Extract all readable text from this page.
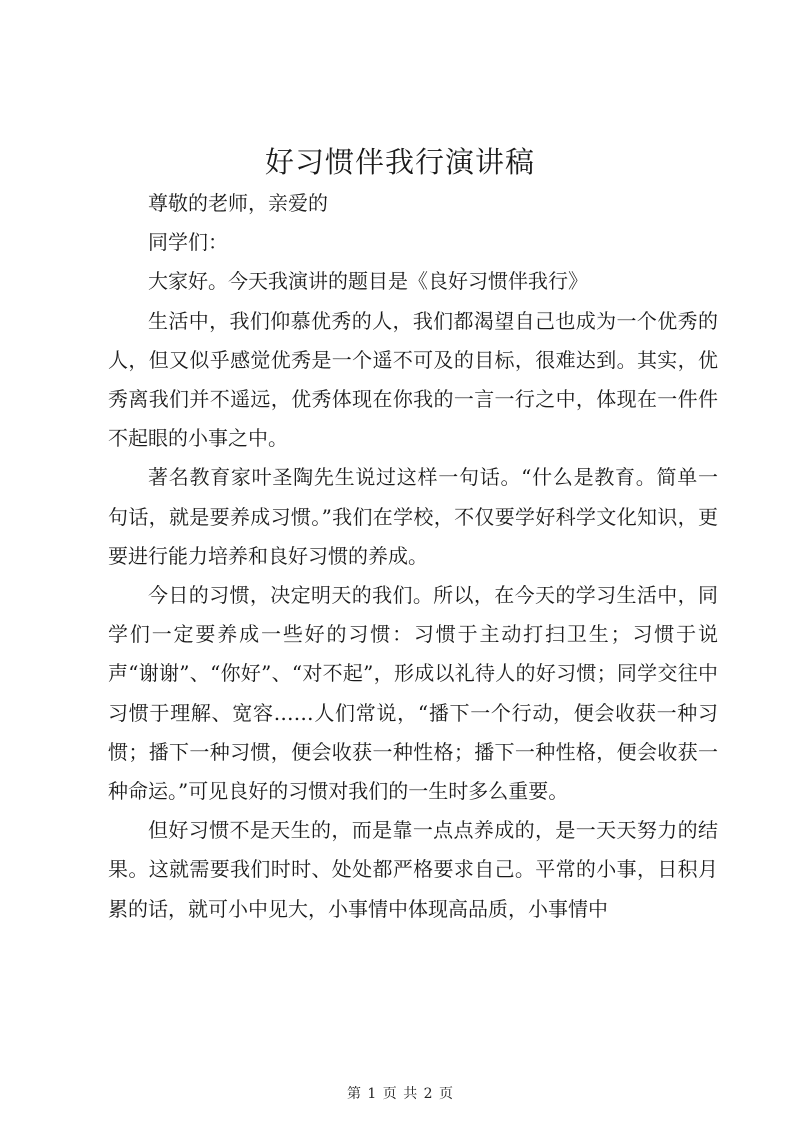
好习惯伴我行演讲稿

尊敬的老师，亲爱的

同学们：

大家好。今天我演讲的题目是《良好习惯伴我行》

生活中，我们仰慕优秀的人，我们都渴望自己也成为一个优秀的人，但又似乎感觉优秀是一个遥不可及的目标，很难达到。其实，优秀离我们并不遥远，优秀体现在你我的一言一行之中，体现在一件件不起眼的小事之中。

著名教育家叶圣陶先生说过这样一句话。“什么是教育。简单一句话，就是要养成习惯。”我们在学校，不仅要学好科学文化知识，更要进行能力培养和良好习惯的养成。

今日的习惯，决定明天的我们。所以，在今天的学习生活中，同学们一定要养成一些好的习惯：习惯于主动打扫卫生；习惯于说声“谢谢”、“你好”、“对不起”，形成以礼待人的好习惯；同学交往中习惯于理解、宽容……人们常说，“播下一个行动，便会收获一种习惯；播下一种习惯，便会收获一种性格；播下一种性格，便会收获一种命运。”可见良好的习惯对我们的一生时多么重要。

但好习惯不是天生的，而是靠一点点养成的，是一天天努力的结果。这就需要我们时时、处处都严格要求自己。平常的小事，日积月累的话，就可小中见大，小事情中体现高品质，小事情中

第 1 页 共 2 页
